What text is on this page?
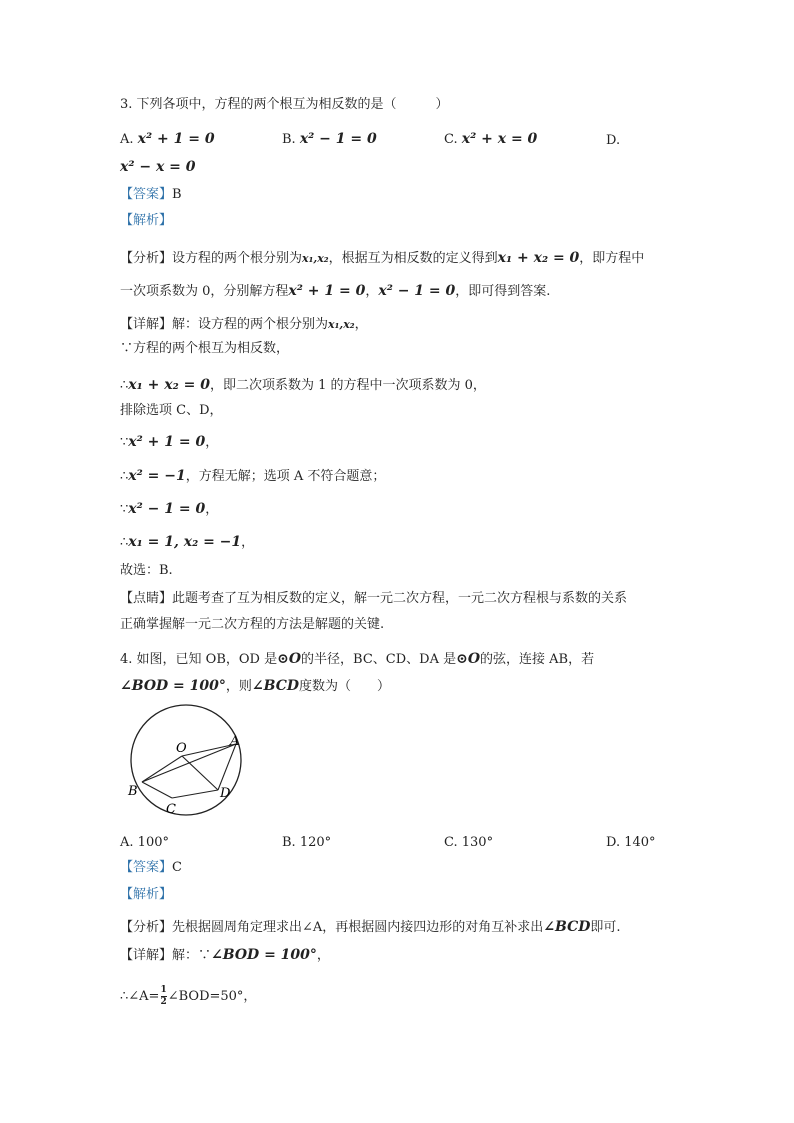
3. 下列各项中，方程的两个根互为相反数的是（　　　）
A. x² + 1 = 0	B. x² − 1 = 0	C. x² + x = 0	D.
x² − x = 0
【答案】B
【解析】
【分析】设方程的两个根分别为x₁,x₂，根据互为相反数的定义得到x₁ + x₂ = 0，即方程中
一次项系数为 0，分别解方程x² + 1 = 0，x² − 1 = 0，即可得到答案.
【详解】解：设方程的两个根分别为x₁,x₂，
∵方程的两个根互为相反数，
∴x₁ + x₂ = 0，即二次项系数为 1 的方程中一次项系数为 0，
排除选项 C、D，
∵x² + 1 = 0，
∴x² = −1，方程无解；选项 A 不符合题意；
∵x² − 1 = 0，
∴x₁ = 1, x₂ = −1，
故选：B.
【点睛】此题考查了互为相反数的定义，解一元二次方程，一元二次方程根与系数的关系
正确掌握解一元二次方程的方法是解题的关键.
4. 如图，已知 OB，OD 是⊙O的半径，BC、CD、DA 是⊙O的弦，连接 AB，若
∠BOD = 100°，则∠BCD度数为（　　）
O	A
B
C
D
A. 100°	B. 120°	C. 130°	D. 140°
【答案】C
【解析】
【分析】先根据圆周角定理求出∠A，再根据圆内接四边形的对角互补求出∠BCD即可.
【详解】解：∵∠BOD = 100°，
∴∠A= $\frac{1}{2}$ ∠BOD=50°，
